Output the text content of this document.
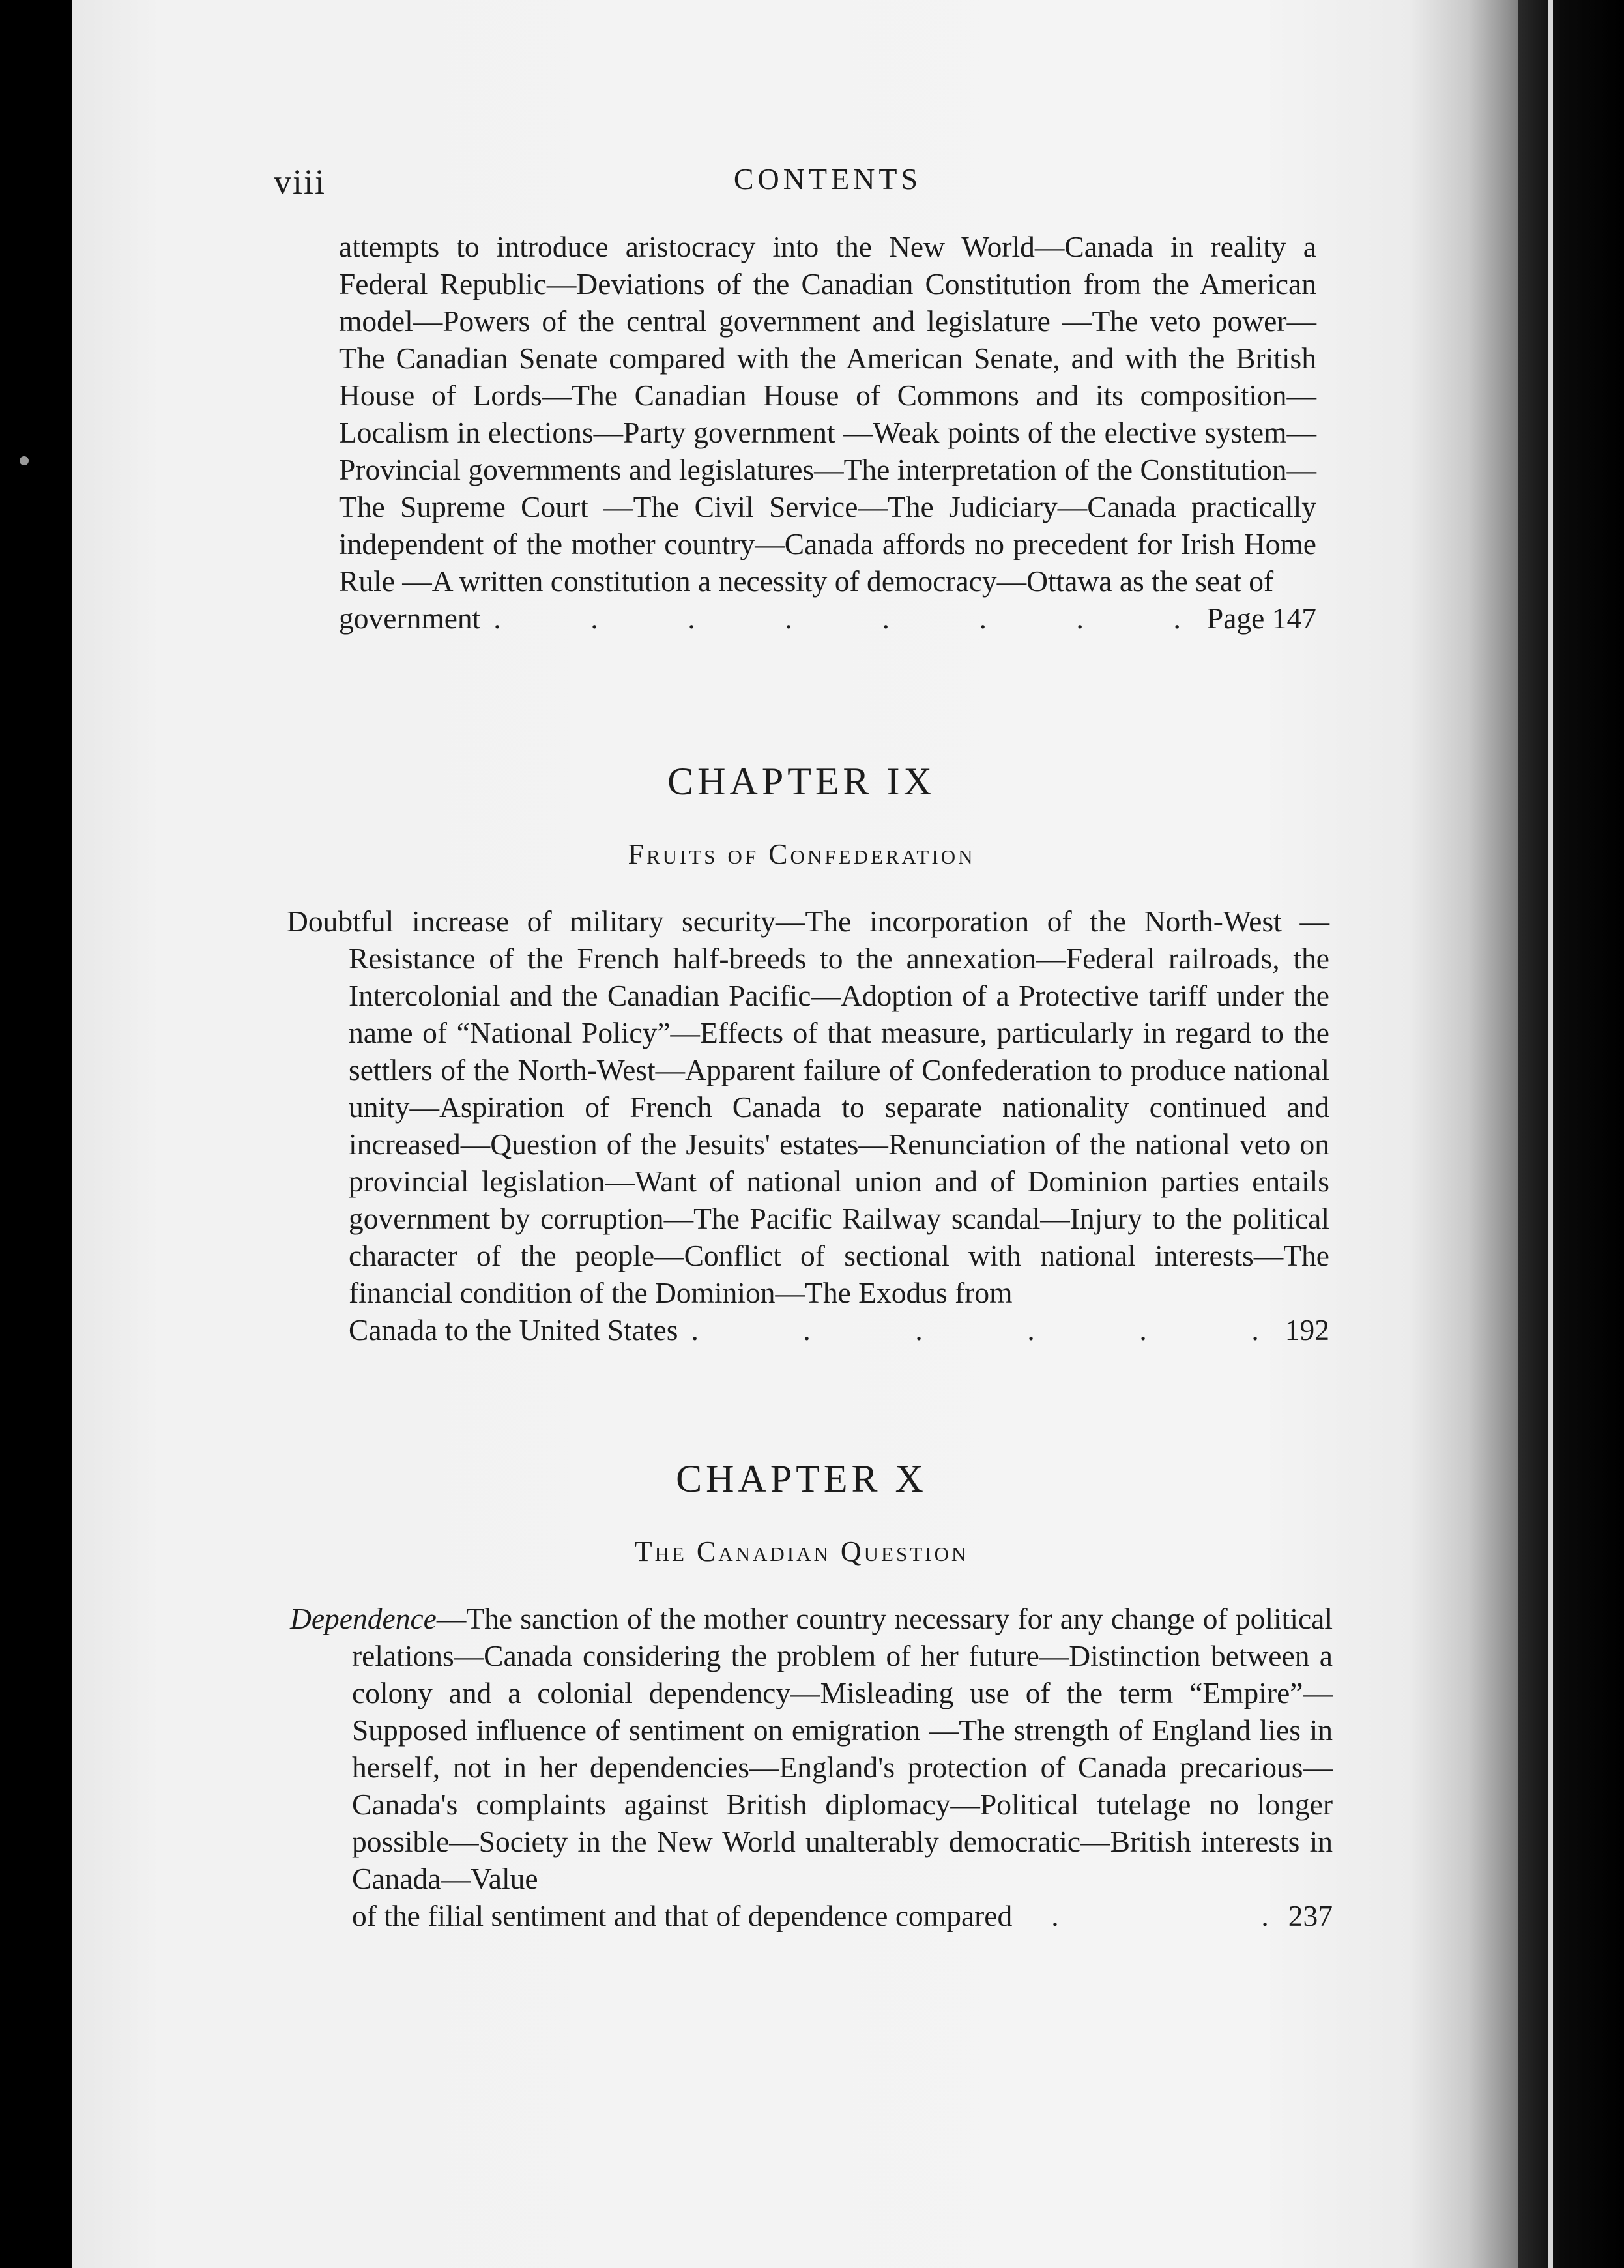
viii	CONTENTS

attempts to introduce aristocracy into the New World—Canada in reality a Federal Republic—Deviations of the Canadian Constitution from the American model—Powers of the central government and legislature —The veto power—The Canadian Senate compared with the American Senate, and with the British House of Lords—The Canadian House of Commons and its composition—Localism in elections—Party government —Weak points of the elective system—Provincial governments and legislatures—The interpretation of the Constitution—The Supreme Court —The Civil Service—The Judiciary—Canada practically independent of the mother country—Canada affords no precedent for Irish Home Rule —A written constitution a necessity of democracy—Ottawa as the seat of

government .	.	.	.	.	.	.	. Page 147
CHAPTER IX
Fruits of Confederation

Doubtful increase of military security—The incorporation of the North-West —Resistance of the French half-breeds to the annexation—Federal railroads, the Intercolonial and the Canadian Pacific—Adoption of a Protective tariff under the name of “National Policy”—Effects of that measure, particularly in regard to the settlers of the North-West—Apparent failure of Confederation to produce national unity—Aspiration of French Canada to separate nationality continued and increased—Question of the Jesuits' estates—Renunciation of the national veto on provincial legislation—Want of national union and of Dominion parties entails government by corruption—The Pacific Railway scandal—Injury to the political character of the people—Conflict of sectional with national interests—The financial condition of the Dominion—The Exodus from

Canada to the United States .	.	.	.	.	. 192
CHAPTER X
The Canadian Question

Dependence—The sanction of the mother country necessary for any change of political relations—Canada considering the problem of her future—Distinction between a colony and a colonial dependency—Misleading use of the term “Empire”—Supposed influence of sentiment on emigration —The strength of England lies in herself, not in her dependencies—England's protection of Canada precarious—Canada's complaints against British diplomacy—Political tutelage no longer possible—Society in the New World unalterably democratic—British interests in Canada—Value

of the filial sentiment and that of dependence compared .	. 237
